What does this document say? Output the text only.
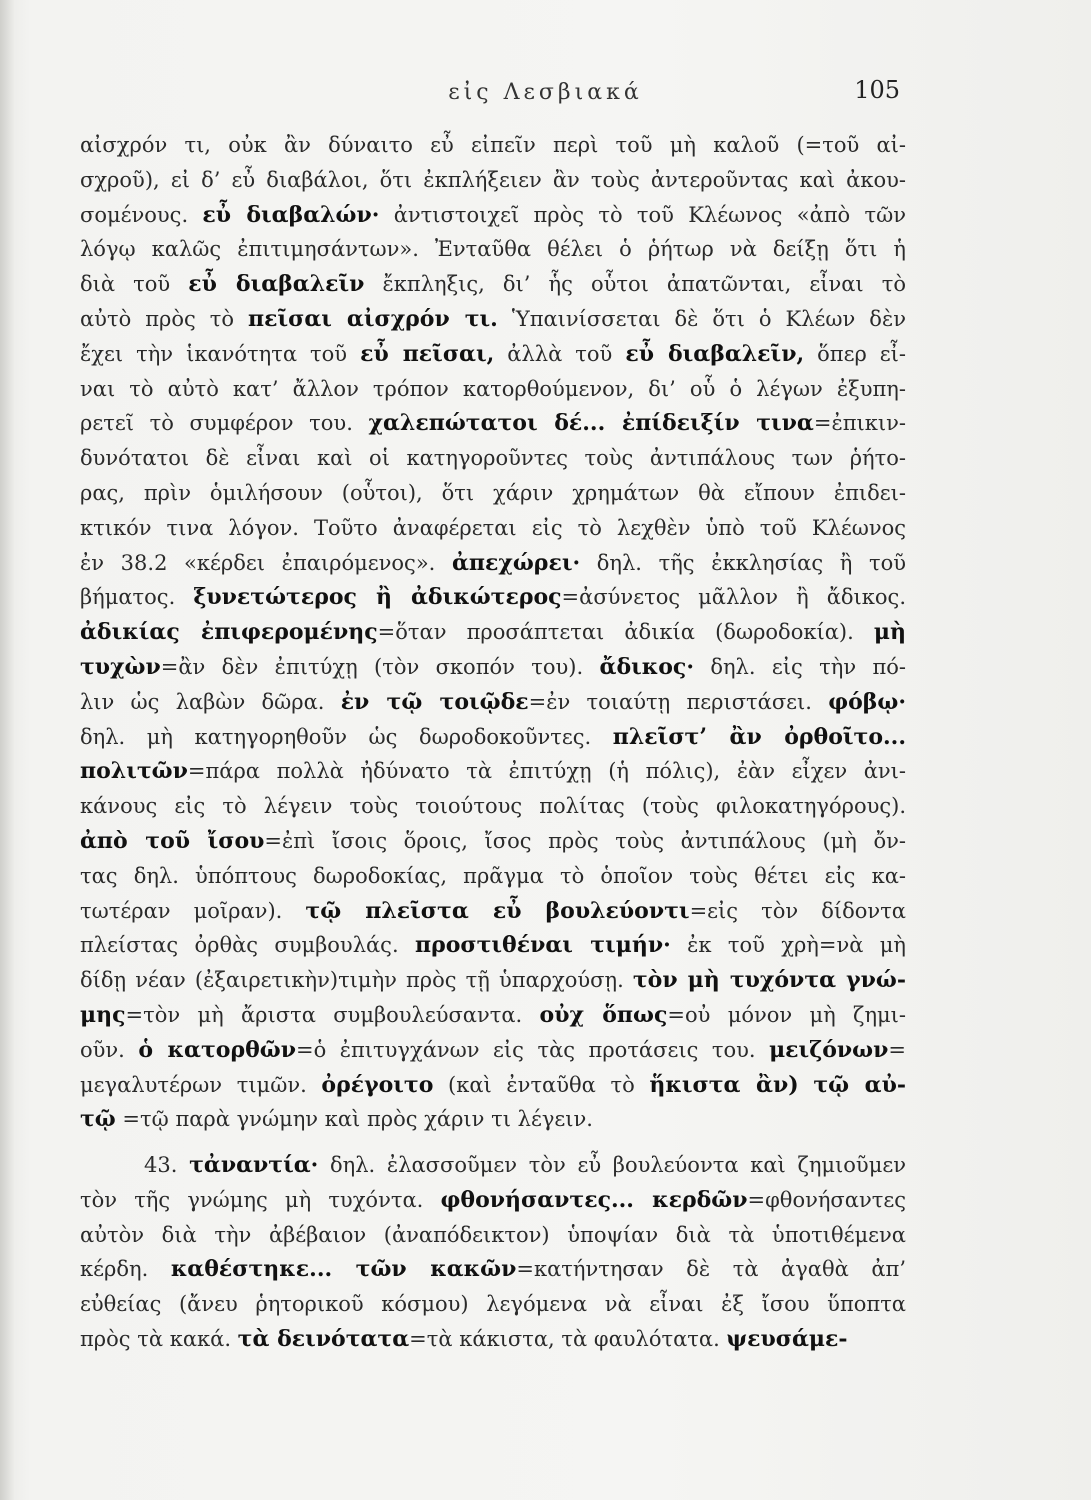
εἰς Λεσβιακά	105
αἰσχρόν τι, οὐκ ἂν δύναιτο εὖ εἰπεῖν περὶ τοῦ μὴ καλοῦ (=τοῦ αἰ-
σχροῦ), εἰ δ’ εὖ διαβάλοι, ὅτι ἐκπλήξειεν ἂν τοὺς ἀντεροῦντας καὶ ἀκου-
σομένους. εὖ διαβαλών· ἀντιστοιχεῖ πρὸς τὸ τοῦ Κλέωνος «ἀπὸ τῶν
λόγῳ καλῶς ἐπιτιμησάντων». Ἐνταῦθα θέλει ὁ ῥήτωρ νὰ δείξῃ ὅτι ἡ
διὰ τοῦ εὖ διαβαλεῖν ἔκπληξις, δι’ ἧς οὗτοι ἀπατῶνται, εἶναι τὸ
αὐτὸ πρὸς τὸ πεῖσαι αἰσχρόν τι. Ὑπαινίσσεται δὲ ὅτι ὁ Κλέων δὲν
ἔχει τὴν ἱκανότητα τοῦ εὖ πεῖσαι, ἀλλὰ τοῦ εὖ διαβαλεῖν, ὅπερ εἶ-
ναι τὸ αὐτὸ κατ’ ἄλλον τρόπον κατορθούμενον, δι’ οὗ ὁ λέγων ἐξυπη-
ρετεῖ τὸ συμφέρον του. χαλεπώτατοι δέ... ἐπίδειξίν τινα=ἐπικιν-
δυνότατοι δὲ εἶναι καὶ οἱ κατηγοροῦντες τοὺς ἀντιπάλους των ῥήτο-
ρας, πρὶν ὁμιλήσουν (οὗτοι), ὅτι χάριν χρημάτων θὰ εἴπουν ἐπιδει-
κτικόν τινα λόγον. Τοῦτο ἀναφέρεται εἰς τὸ λεχθὲν ὑπὸ τοῦ Κλέωνος
ἐν 38.2 «κέρδει ἐπαιρόμενος». ἀπεχώρει· δηλ. τῆς ἐκκλησίας ἢ τοῦ
βήματος. ξυνετώτερος ἢ ἀδικώτερος=ἀσύνετος μᾶλλον ἢ ἄδικος.
ἀδικίας ἐπιφερομένης=ὅταν προσάπτεται ἀδικία (δωροδοκία). μὴ
τυχὼν=ἂν δὲν ἐπιτύχῃ (τὸν σκοπόν του). ἄδικος· δηλ. εἰς τὴν πό-
λιν ὡς λαβὼν δῶρα. ἐν τῷ τοιῷδε=ἐν τοιαύτῃ περιστάσει. φόβῳ·
δηλ. μὴ κατηγορηθοῦν ὡς δωροδοκοῦντες. πλεῖστ’ ἂν ὀρθοῖτο...
πολιτῶν=πάρα πολλὰ ἠδύνατο τὰ ἐπιτύχῃ (ἡ πόλις), ἐὰν εἶχεν ἀνι-
κάνους εἰς τὸ λέγειν τοὺς τοιούτους πολίτας (τοὺς φιλοκατηγόρους).
ἀπὸ τοῦ ἴσου=ἐπὶ ἴσοις ὅροις, ἴσος πρὸς τοὺς ἀντιπάλους (μὴ ὄν-
τας δηλ. ὑπόπτους δωροδοκίας, πρᾶγμα τὸ ὁποῖον τοὺς θέτει εἰς κα-
τωτέραν μοῖραν). τῷ πλεῖστα εὖ βουλεύοντι=εἰς τὸν δίδοντα
πλείστας ὀρθὰς συμβουλάς. προστιθέναι τιμήν· ἐκ τοῦ χρὴ=νὰ μὴ
δίδῃ νέαν (ἐξαιρετικὴν)τιμὴν πρὸς τῇ ὑπαρχούσῃ. τὸν μὴ τυχόντα γνώ-
μης=τὸν μὴ ἄριστα συμβουλεύσαντα. οὐχ ὅπως=οὐ μόνον μὴ ζημι-
οῦν. ὁ κατορθῶν=ὁ ἐπιτυγχάνων εἰς τὰς προτάσεις του. μειζόνων=
μεγαλυτέρων τιμῶν. ὀρέγοιτο (καὶ ἐνταῦθα τὸ ἥκιστα ἂν) τῷ αὐ-
τῷ =τῷ παρὰ γνώμην καὶ πρὸς χάριν τι λέγειν.
43. τἀναντία· δηλ. ἐλασσοῦμεν τὸν εὖ βουλεύοντα καὶ ζημιοῦμεν
τὸν τῆς γνώμης μὴ τυχόντα. φθονήσαντες... κερδῶν=φθονήσαντες
αὐτὸν διὰ τὴν ἀβέβαιον (ἀναπόδεικτον) ὑποψίαν διὰ τὰ ὑποτιθέμενα
κέρδη. καθέστηκε... τῶν κακῶν=κατήντησαν δὲ τὰ ἀγαθὰ ἀπ’
εὐθείας (ἄνευ ῥητορικοῦ κόσμου) λεγόμενα νὰ εἶναι ἐξ ἴσου ὕποπτα
πρὸς τὰ κακά. τὰ δεινότατα=τὰ κάκιστα, τὰ φαυλότατα. ψευσάμε-
